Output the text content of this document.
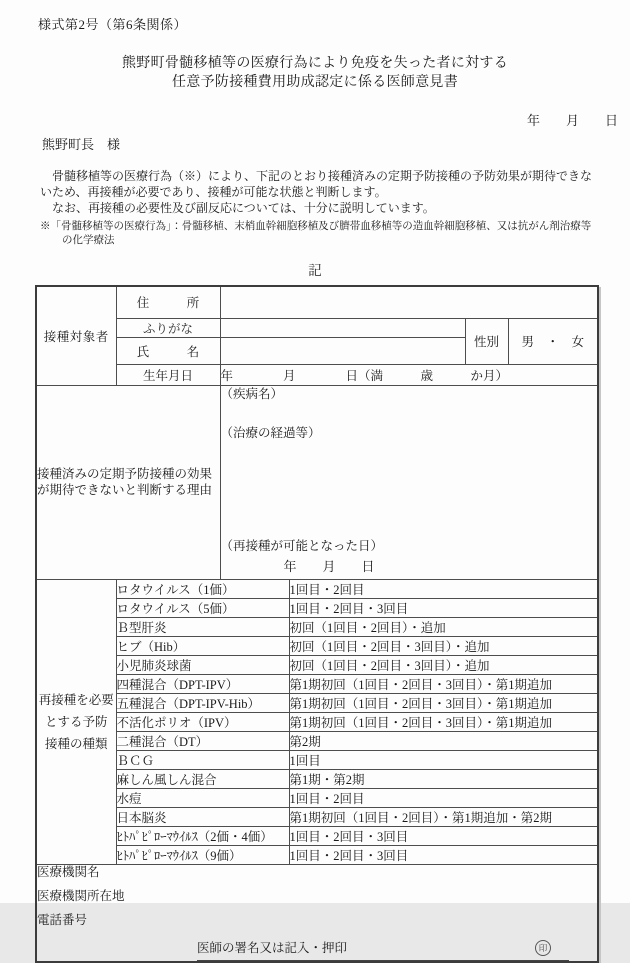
様式第2号（第6条関係）
熊野町骨髄移植等の医療行為により免疫を失った者に対する
任意予防接種費用助成認定に係る医師意見書
年　　月　　日
熊野町長　様
　骨髄移植等の医療行為（※）により、下記のとおり接種済みの定期予防接種の予防効果が期待できな
いため、再接種が必要であり、接種が可能な状態と判断します。
　なお、再接種の必要性及び副反応については、十分に説明しています。
※「骨髄移植等の医療行為」：骨髄移植、末梢血幹細胞移植及び臍帯血移植等の造血幹細胞移植、又は抗がん剤治療等
の化学療法
記
接種対象者	住　　　所				
	ふりがな			性別	男　・　女
	氏　　　名				
	生年月日	年　　　　月　　　　日（満　　　歳　　　か月）			

接種済みの定期予防接種の効果
が期待できないと判断する理由

（疾病名）
（治療の経過等）
（再接種が可能となった日）
年　　月　　日

再接種を必要
とする予防
接種の種類	ロタウイルス（1価）		1回目・2回目		
	ロタウイルス（5価）		1回目・2回目・3回目		
	Ｂ型肝炎		初回（1回目・2回目）・追加		
	ヒブ（Hib）		初回（1回目・2回目・3回目）・追加		
	小児肺炎球菌		初回（1回目・2回目・3回目）・追加		
	四種混合（DPT-IPV）		第1期初回（1回目・2回目・3回目）・第1期追加		
	五種混合（DPT-IPV-Hib）		第1期初回（1回目・2回目・3回目）・第1期追加		
	不活化ポリオ（IPV）		第1期初回（1回目・2回目・3回目）・第1期追加		
	二種混合（DT）		第2期		
	ＢＣＧ		1回目		
	麻しん風しん混合		第1期・第2期		
	水痘		1回目・2回目		
	日本脳炎		第1期初回（1回目・2回目）・第1期追加・第2期		
	ﾋﾄﾊﾟﾋﾟﾛｰﾏｳｲﾙｽ（2価・4価）		1回目・2回目・3回目		
	ﾋﾄﾊﾟﾋﾟﾛｰﾏｳｲﾙｽ（9価）		1回目・2回目・3回目		

医療機関名
医療機関所在地
電話番号
医師の署名又は記入・押印 印					
